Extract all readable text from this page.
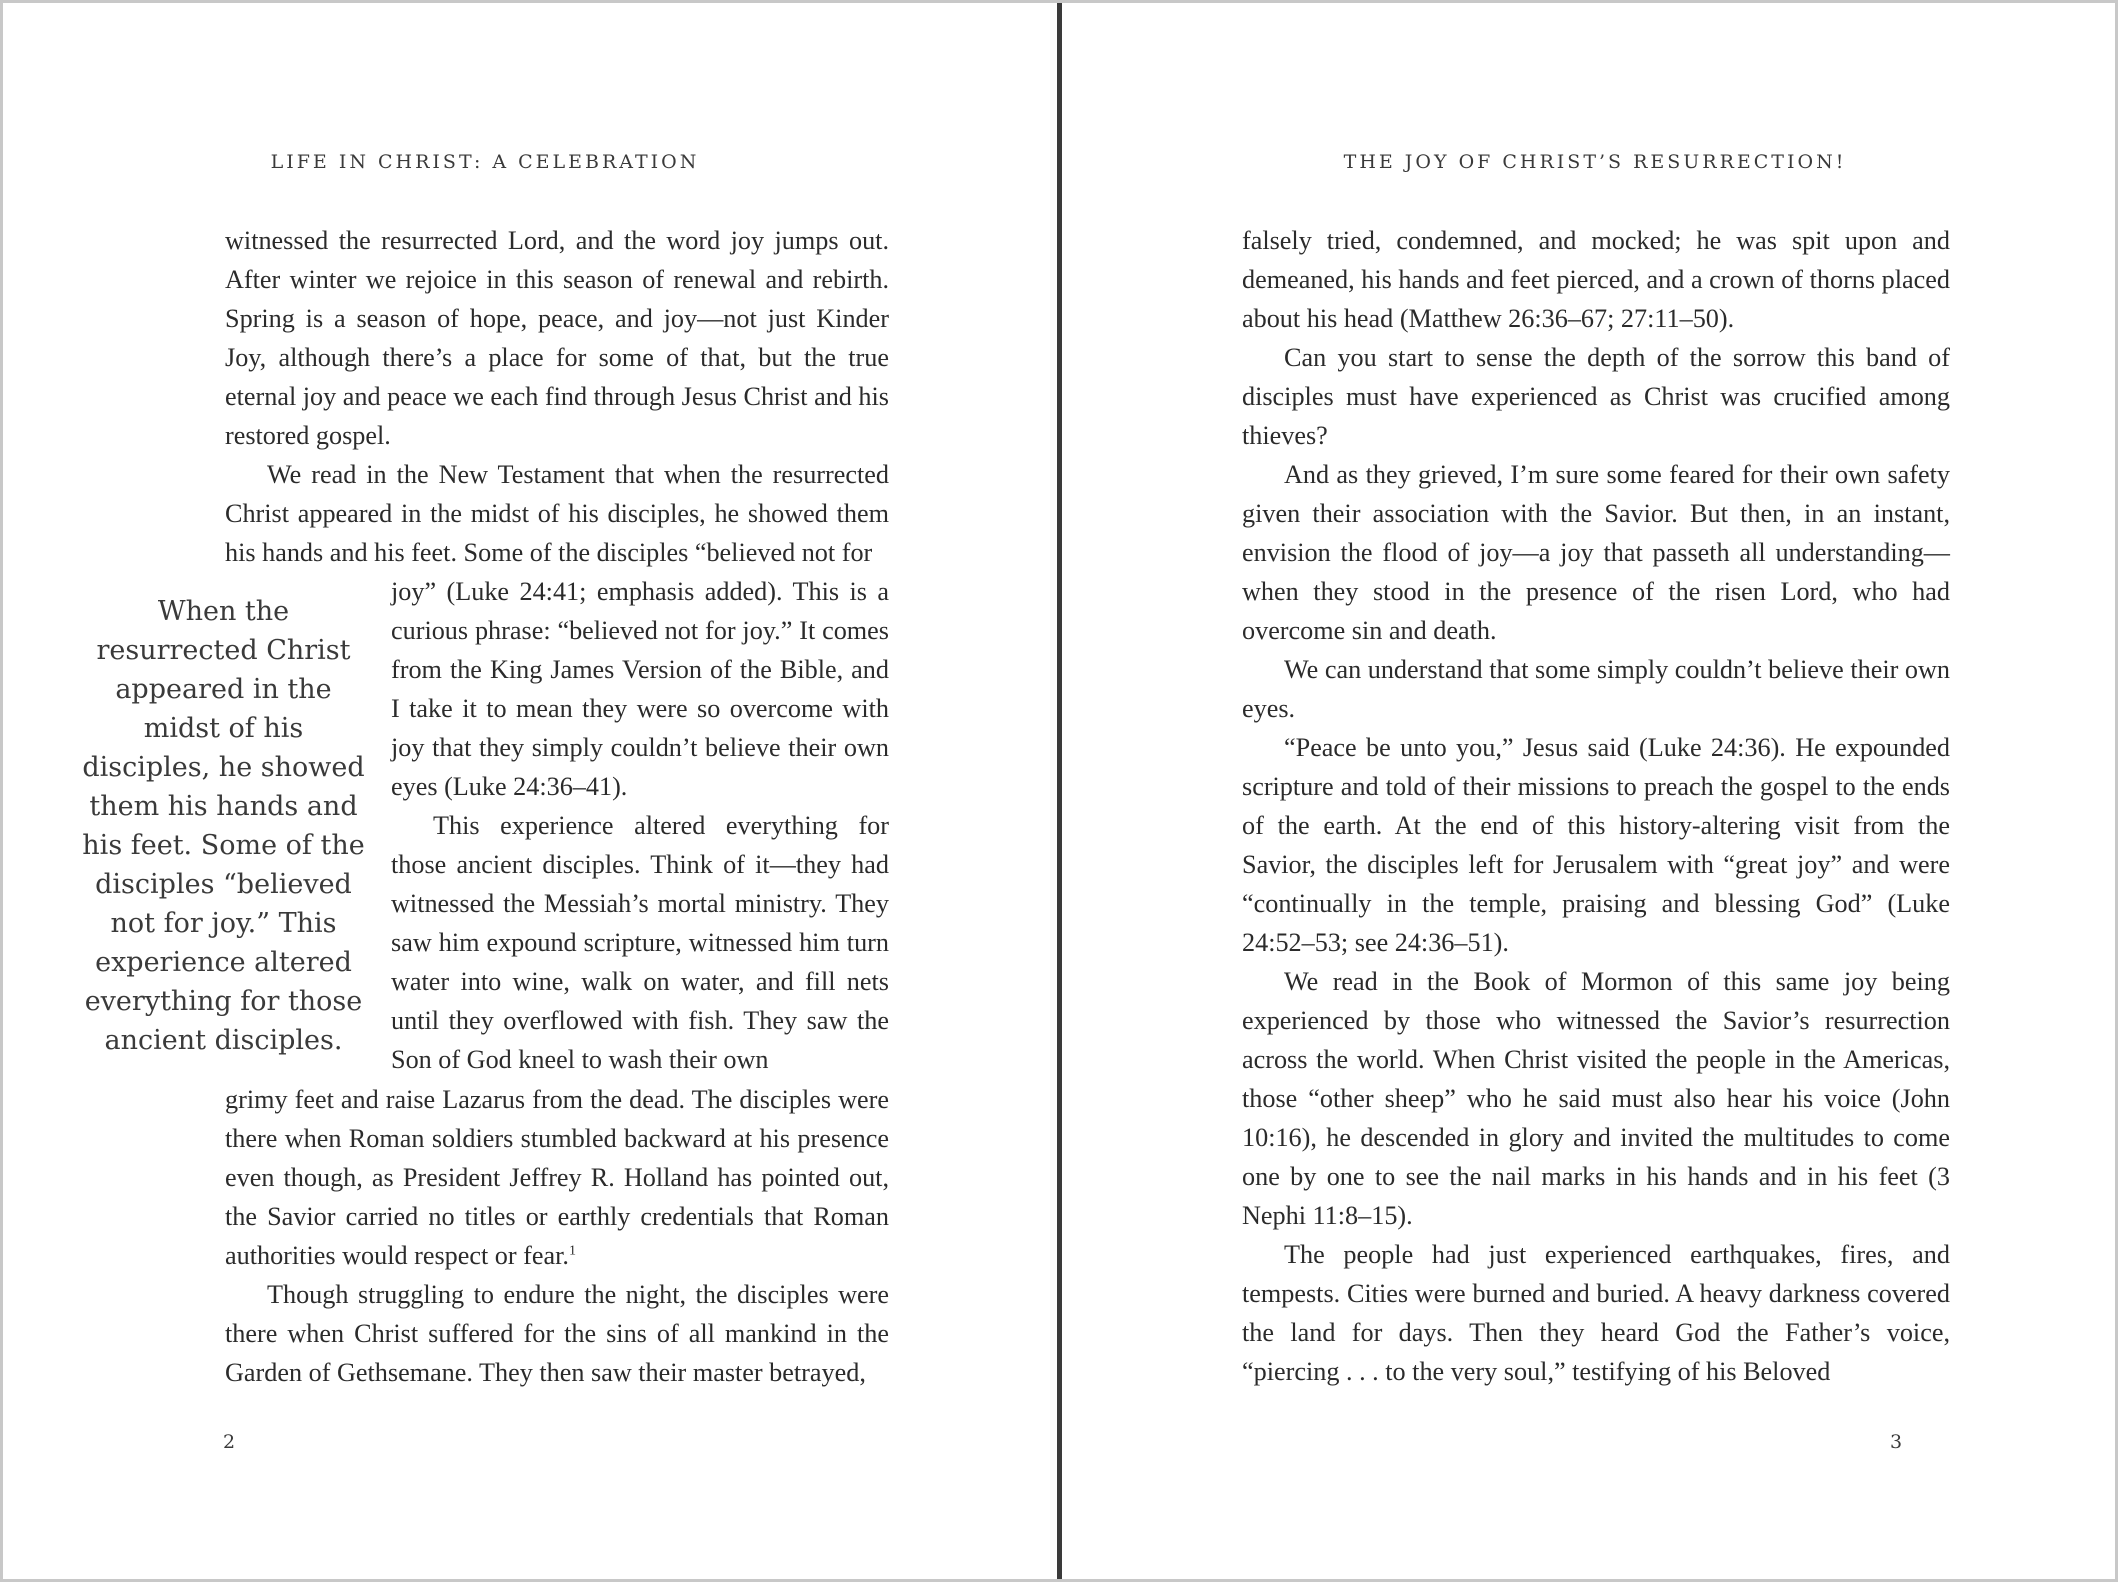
LIFE IN CHRIST: A CELEBRATION

witnessed the resurrected Lord, and the word joy jumps out. After winter we rejoice in this season of renewal and rebirth. Spring is a season of hope, peace, and joy—not just Kinder Joy, although there’s a place for some of that, but the true eternal joy and peace we each find through Jesus Christ and his restored gospel.

We read in the New Testament that when the resurrected Christ appeared in the midst of his disciples, he showed them his hands and his feet. Some of the disciples “believed not for

When the resurrected Christ appeared in the midst of his disciples, he showed them his hands and his feet. Some of the disciples “believed not for joy.” This experience altered everything for those ancient disciples.

joy” (Luke 24:41; emphasis added). This is a curious phrase: “believed not for joy.” It comes from the King James Version of the Bible, and I take it to mean they were so overcome with joy that they simply couldn’t believe their own eyes (Luke 24:36–41).

This experience altered everything for those ancient disciples. Think of it—they had witnessed the Messiah’s mortal ministry. They saw him expound scripture, witnessed him turn water into wine, walk on water, and fill nets until they overflowed with fish. They saw the Son of God kneel to wash their own

grimy feet and raise Lazarus from the dead. The disciples were there when Roman soldiers stumbled backward at his presence even though, as President Jeffrey R. Holland has pointed out, the Savior carried no titles or earthly credentials that Roman authorities would respect or fear.$^1$

Though struggling to endure the night, the disciples were there when Christ suffered for the sins of all mankind in the Garden of Gethsemane. They then saw their master betrayed,

2
THE JOY OF CHRIST’S RESURRECTION!

falsely tried, condemned, and mocked; he was spit upon and demeaned, his hands and feet pierced, and a crown of thorns placed about his head (Matthew 26:36–67; 27:11–50).

Can you start to sense the depth of the sorrow this band of disciples must have experienced as Christ was crucified among thieves?

And as they grieved, I’m sure some feared for their own safety given their association with the Savior. But then, in an instant, envision the flood of joy—a joy that passeth all understanding—when they stood in the presence of the risen Lord, who had overcome sin and death.

We can understand that some simply couldn’t believe their own eyes.

“Peace be unto you,” Jesus said (Luke 24:36). He expounded scripture and told of their missions to preach the gospel to the ends of the earth. At the end of this history-altering visit from the Savior, the disciples left for Jerusalem with “great joy” and were “continually in the temple, praising and blessing God” (Luke 24:52–53; see 24:36–51).

We read in the Book of Mormon of this same joy being experienced by those who witnessed the Savior’s resurrection across the world. When Christ visited the people in the Americas, those “other sheep” who he said must also hear his voice (John 10:16), he descended in glory and invited the multitudes to come one by one to see the nail marks in his hands and in his feet (3 Nephi 11:8–15).

The people had just experienced earthquakes, fires, and tempests. Cities were burned and buried. A heavy darkness covered the land for days. Then they heard God the Father’s voice, “piercing . . . to the very soul,” testifying of his Beloved

3
